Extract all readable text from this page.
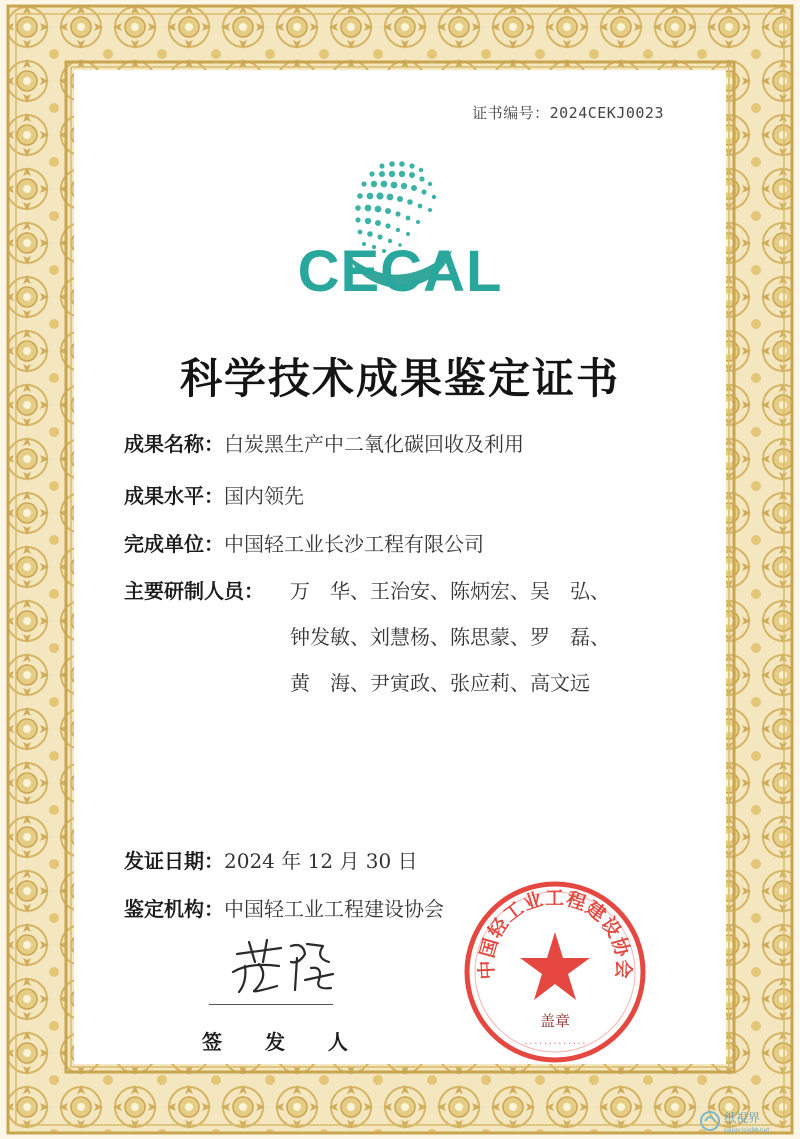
证书编号：2024CEKJ0023
CECAL
科学技术成果鉴定证书
成果名称：白炭黑生产中二氧化碳回收及利用
成果水平：国内领先
完成单位：中国轻工业长沙工程有限公司
主要研制人员： 万　华、王治安、陈炳宏、吴　弘、
钟发敏、刘慧杨、陈思蒙、罗　磊、
黄　海、尹寅政、张应莉、高文远
发证日期：2024 年 12 月 30 日
鉴定机构：中国轻工业工程建设协会
签 发 人
中国轻工业工程建设协会
盖章
·············
纸視界
paperisight.net
